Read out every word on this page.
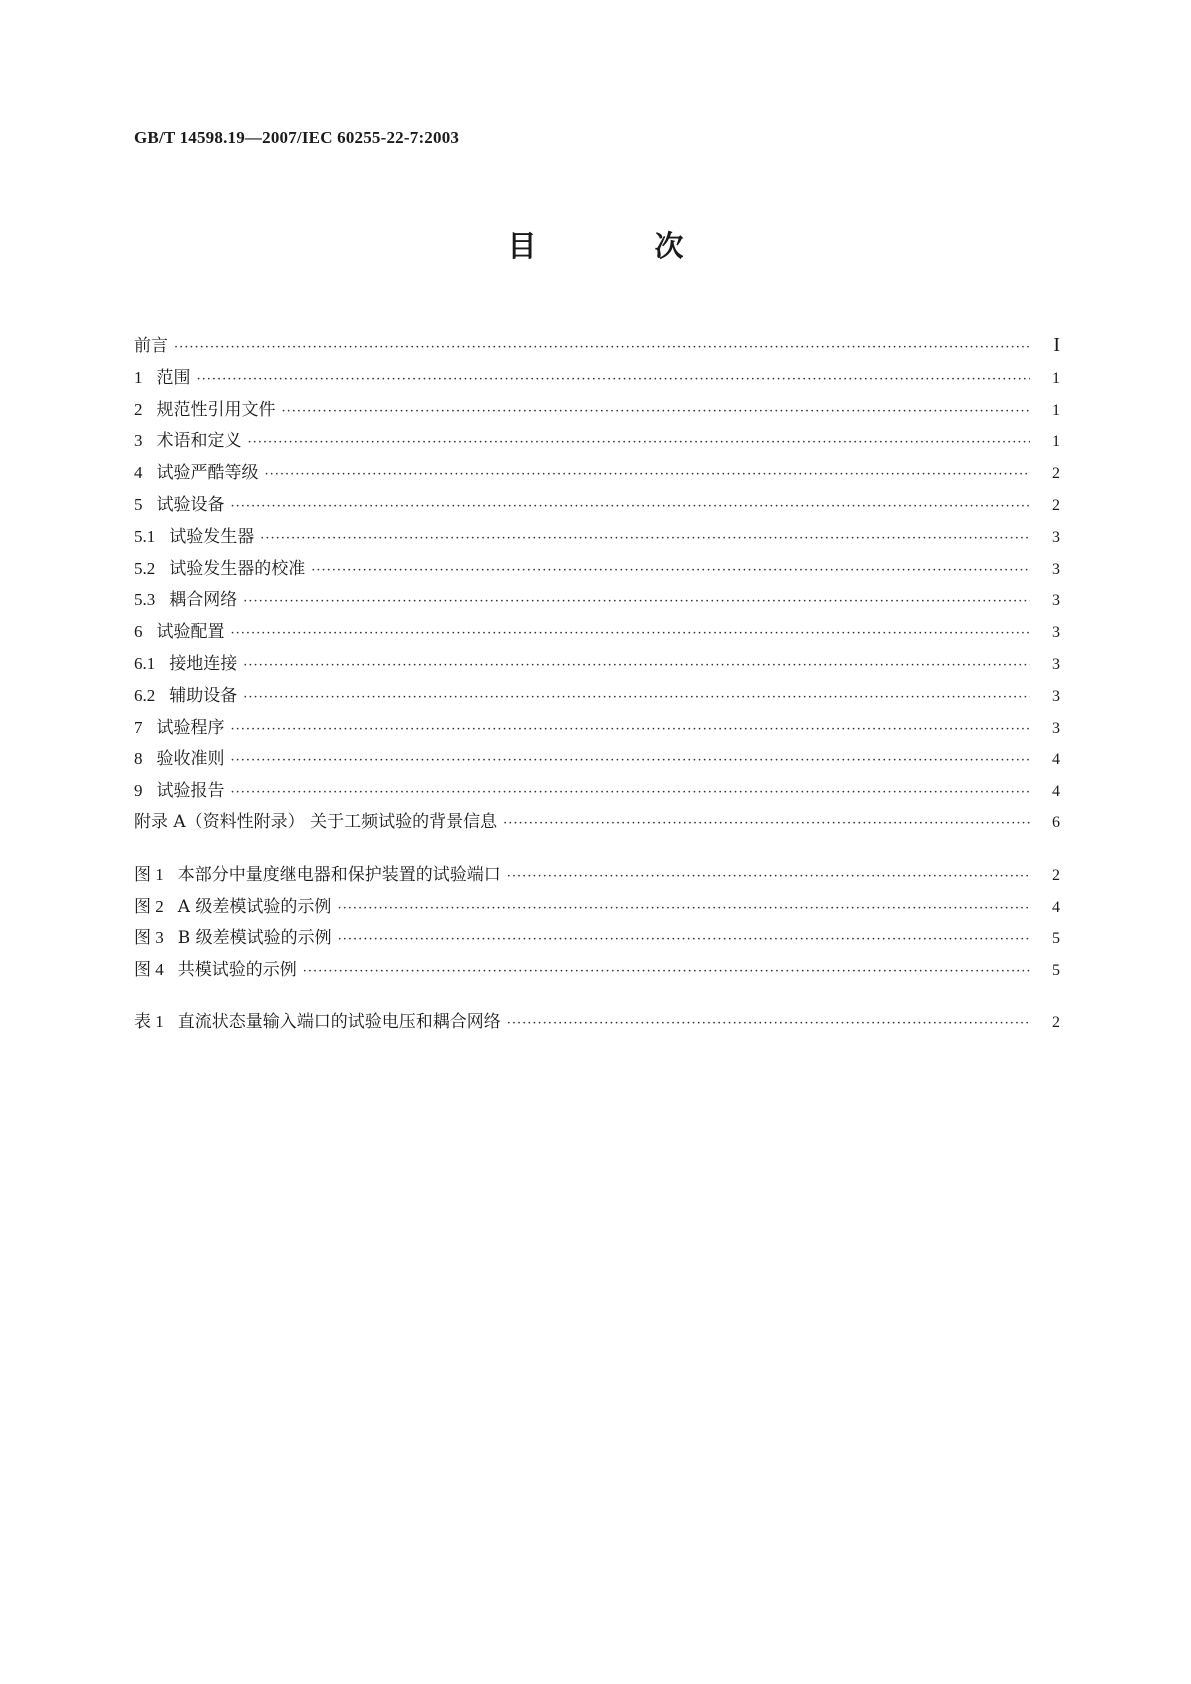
GB/T 14598.19—2007/IEC 60255-22-7:2003
目 次
前言 ·····	I
1 范围 ·····	1
2 规范性引用文件 ·····	1
3 术语和定义 ·····	1
4 试验严酷等级 ·····	2
5 试验设备 ·····	2
5.1 试验发生器 ·····	3
5.2 试验发生器的校准 ·····	3
5.3 耦合网络 ·····	3
6 试验配置 ·····	3
6.1 接地连接 ·····	3
6.2 辅助设备 ·····	3
7 试验程序 ·····	3
8 验收准则 ·····	4
9 试验报告 ·····	4
附录 A（资料性附录） 关于工频试验的背景信息 ·····	6
图 1 本部分中量度继电器和保护装置的试验端口 ·····	2
图 2 A 级差模试验的示例 ·····	4
图 3 B 级差模试验的示例 ·····	5
图 4 共模试验的示例 ·····	5
表 1 直流状态量输入端口的试验电压和耦合网络 ·····	2
